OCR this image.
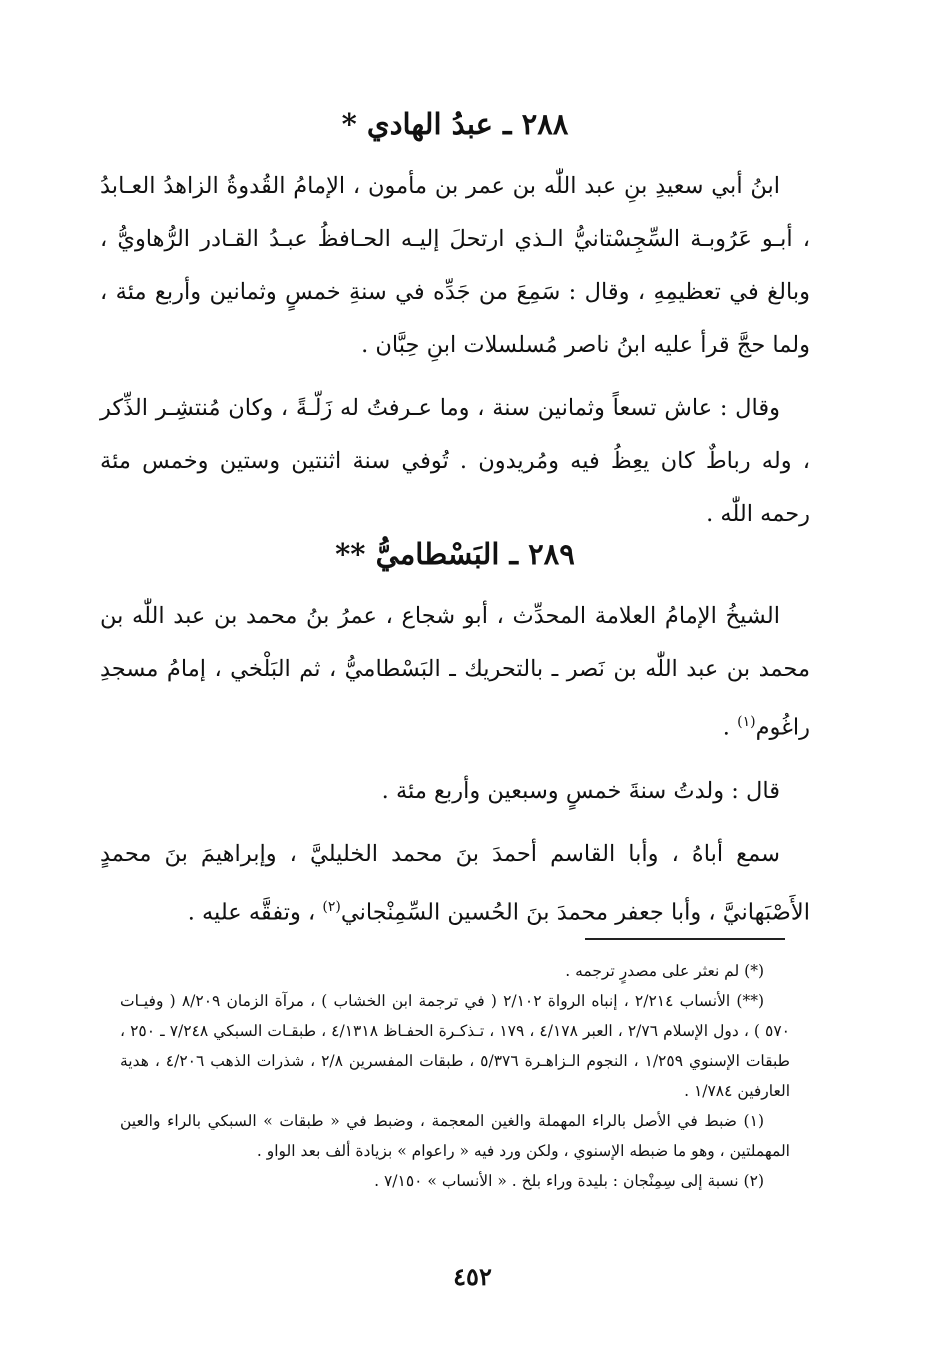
٢٨٨ ـ عبدُ الهادي *

ابنُ أبي سعيدِ بنِ عبد اللّٰه بن عمر بن مأمون ، الإمامُ القُدوةُ الزاهدُ العـابدُ ، أبـو عَرُوبـة السِّجِسْتانيُّ الـذي ارتحلَ إليـه الحـافظُ عبـدُ القـادر الرُّهاويُّ ، وبالغ في تعظيمِهِ ، وقال : سَمِعَ من جَدِّه في سنةِ خمسٍ وثمانين وأربع مئة ، ولما حجَّ قرأ عليه ابنُ ناصر مُسلسلات ابنِ حِبَّان .

وقال : عاش تسعاً وثمانين سنة ، وما عـرفتُ له زَلّـةً ، وكان مُنتشِـر الذِّكر ، وله رباطٌ كان يعِظُ فيه ومُريدون . تُوفي سنة اثنتين وستين وخمس مئة رحمه اللّٰه .

٢٨٩ ـ البَسْطاميُّ **

الشيخُ الإمامُ العلامة المحدِّث ، أبو شجاع ، عمرُ بنُ محمد بن عبد اللّٰه بن محمد بن عبد اللّٰه بن نَصر ـ بالتحريك ـ البَسْطاميُّ ، ثم البَلْخي ، إمامُ مسجدِ راغُوم$^{(١)}$ .

قال : ولدتُ سنةَ خمسٍ وسبعين وأربع مئة .

سمع أباهُ ، وأبا القاسم أحمدَ بنَ محمد الخليليَّ ، وإبراهيمَ بنَ محمدٍ الأَصْبَهانيَّ ، وأبا جعفر محمدَ بنَ الحُسين السِّمِنْجاني$^{(٢)}$ ، وتفقَّه عليه .

(*) لم نعثر على مصدرٍ ترجمه .

(**) الأنساب ٢/٢١٤ ، إنباه الرواة ٢/١٠٢ ( في ترجمة ابن الخشاب ) ، مرآة الزمان ٨/٢٠٩ ( وفيـات ٥٧٠ ) ، دول الإسلام ٢/٧٦ ، العبر ٤/١٧٨ ، ١٧٩ ، تـذكـرة الحفـاظ ٤/١٣١٨ ، طبقـات السبكي ٧/٢٤٨ ـ ٢٥٠ ، طبقات الإسنوي ١/٢٥٩ ، النجوم الـزاهـرة ٥/٣٧٦ ، طبقات المفسرين ٢/٨ ، شذرات الذهب ٤/٢٠٦ ، هدية العارفين ١/٧٨٤ .

(١) ضبط في الأصل بالراء المهملة والغين المعجمة ، وضبط في « طبقات » السبكي بالراء والعين المهملتين ، وهو ما ضبطه الإسنوي ، ولكن ورد فيه « راعوام » بزيادة ألف بعد الواو .

(٢) نسبة إلى سِمِنْجان : بليدة وراء بلخ . « الأنساب » ٧/١٥٠ .

٤٥٢
